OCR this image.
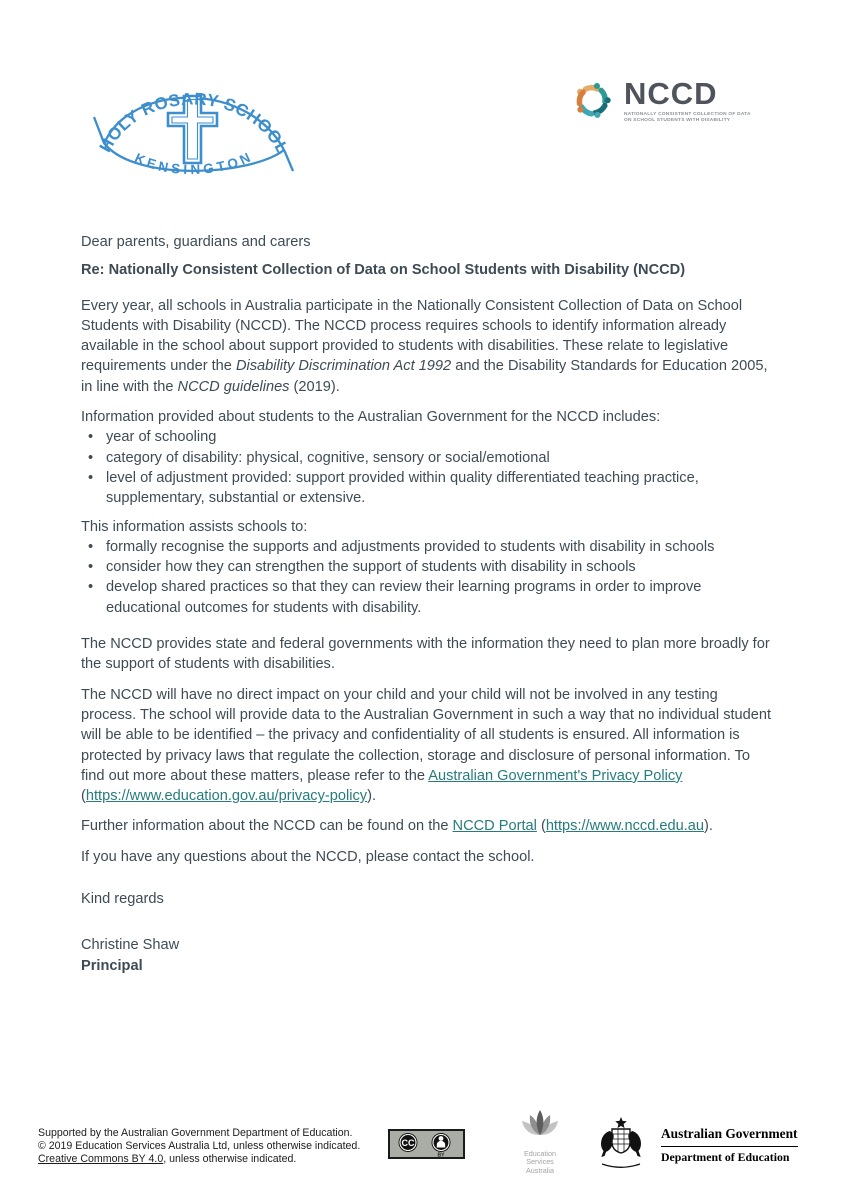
HOLY ROSARY SCHOOL
KENSINGTON
NCCD
NATIONALLY CONSISTENT COLLECTION OF DATA
ON SCHOOL STUDENTS WITH DISABILITY

Dear parents, guardians and carers

Re: Nationally Consistent Collection of Data on School Students with Disability (NCCD)

Every year, all schools in Australia participate in the Nationally Consistent Collection of Data on School Students with Disability (NCCD). The NCCD process requires schools to identify information already available in the school about support provided to students with disabilities. These relate to legislative requirements under the Disability Discrimination Act 1992 and the Disability Standards for Education 2005, in line with the NCCD guidelines (2019).

Information provided about students to the Australian Government for the NCCD includes:

•
year of schooling
•
category of disability: physical, cognitive, sensory or social/emotional
•
level of adjustment provided: support provided within quality differentiated teaching practice, supplementary, substantial or extensive.

This information assists schools to:

•
formally recognise the supports and adjustments provided to students with disability in schools
•
consider how they can strengthen the support of students with disability in schools
•
develop shared practices so that they can review their learning programs in order to improve educational outcomes for students with disability.

The NCCD provides state and federal governments with the information they need to plan more broadly for the support of students with disabilities.

The NCCD will have no direct impact on your child and your child will not be involved in any testing process. The school will provide data to the Australian Government in such a way that no individual student will be able to be identified – the privacy and confidentiality of all students is ensured. All information is protected by privacy laws that regulate the collection, storage and disclosure of personal information. To find out more about these matters, please refer to the Australian Government's Privacy Policy (https://www.education.gov.au/privacy-policy).

Further information about the NCCD can be found on the NCCD Portal (https://www.nccd.edu.au).

If you have any questions about the NCCD, please contact the school.

Kind regards

Christine Shaw

Principal

Supported by the Australian Government Department of Education.
© 2019 Education Services Australia Ltd, unless otherwise indicated.
Creative Commons BY 4.0, unless otherwise indicated.
CC
BY	Education
Services
Australia
Australian Government
Department of Education
